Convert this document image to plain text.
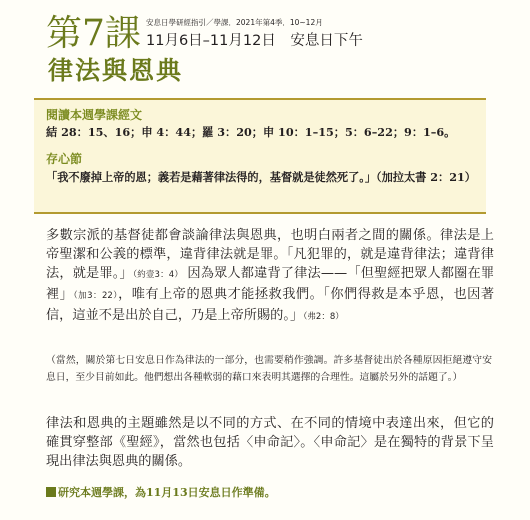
第7課 安息日學研經指引／學課．2021年第4季．10~12月
11月6日–11月12日　安息日下午
律法與恩典
閱讀本週學課經文
結 28：15、16；申 4：44；羅 3：20；申 10：1–15；5：6–22；9：1–6。
存心節
「我不廢掉上帝的恩；義若是藉著律法得的，基督就是徒然死了。」（加拉太書 2：21）
多數宗派的基督徒都會談論律法與恩典，也明白兩者之間的關係。律法是上帝聖潔和公義的標準，違背律法就是罪。「凡犯罪的，就是違背律法；違背律法，就是罪。」（約壹3：4） 因為眾人都違背了律法——「但聖經把眾人都圈在罪裡」（加3：22），唯有上帝的恩典才能拯救我們。「你們得救是本乎恩，也因著信，這並不是出於自己，乃是上帝所賜的。」（弗2：8）
（當然，關於第七日安息日作為律法的一部分，也需要稍作強調。許多基督徒出於各種原因拒絕遵守安息日，至少目前如此。他們想出各種軟弱的藉口來表明其選擇的合理性。這屬於另外的話題了。）
律法和恩典的主題雖然是以不同的方式、在不同的情境中表達出來，但它的確貫穿整部《聖經》，當然也包括〈申命記〉。〈申命記〉是在獨特的背景下呈現出律法與恩典的關係。
研究本週學課，為11月13日安息日作準備。
